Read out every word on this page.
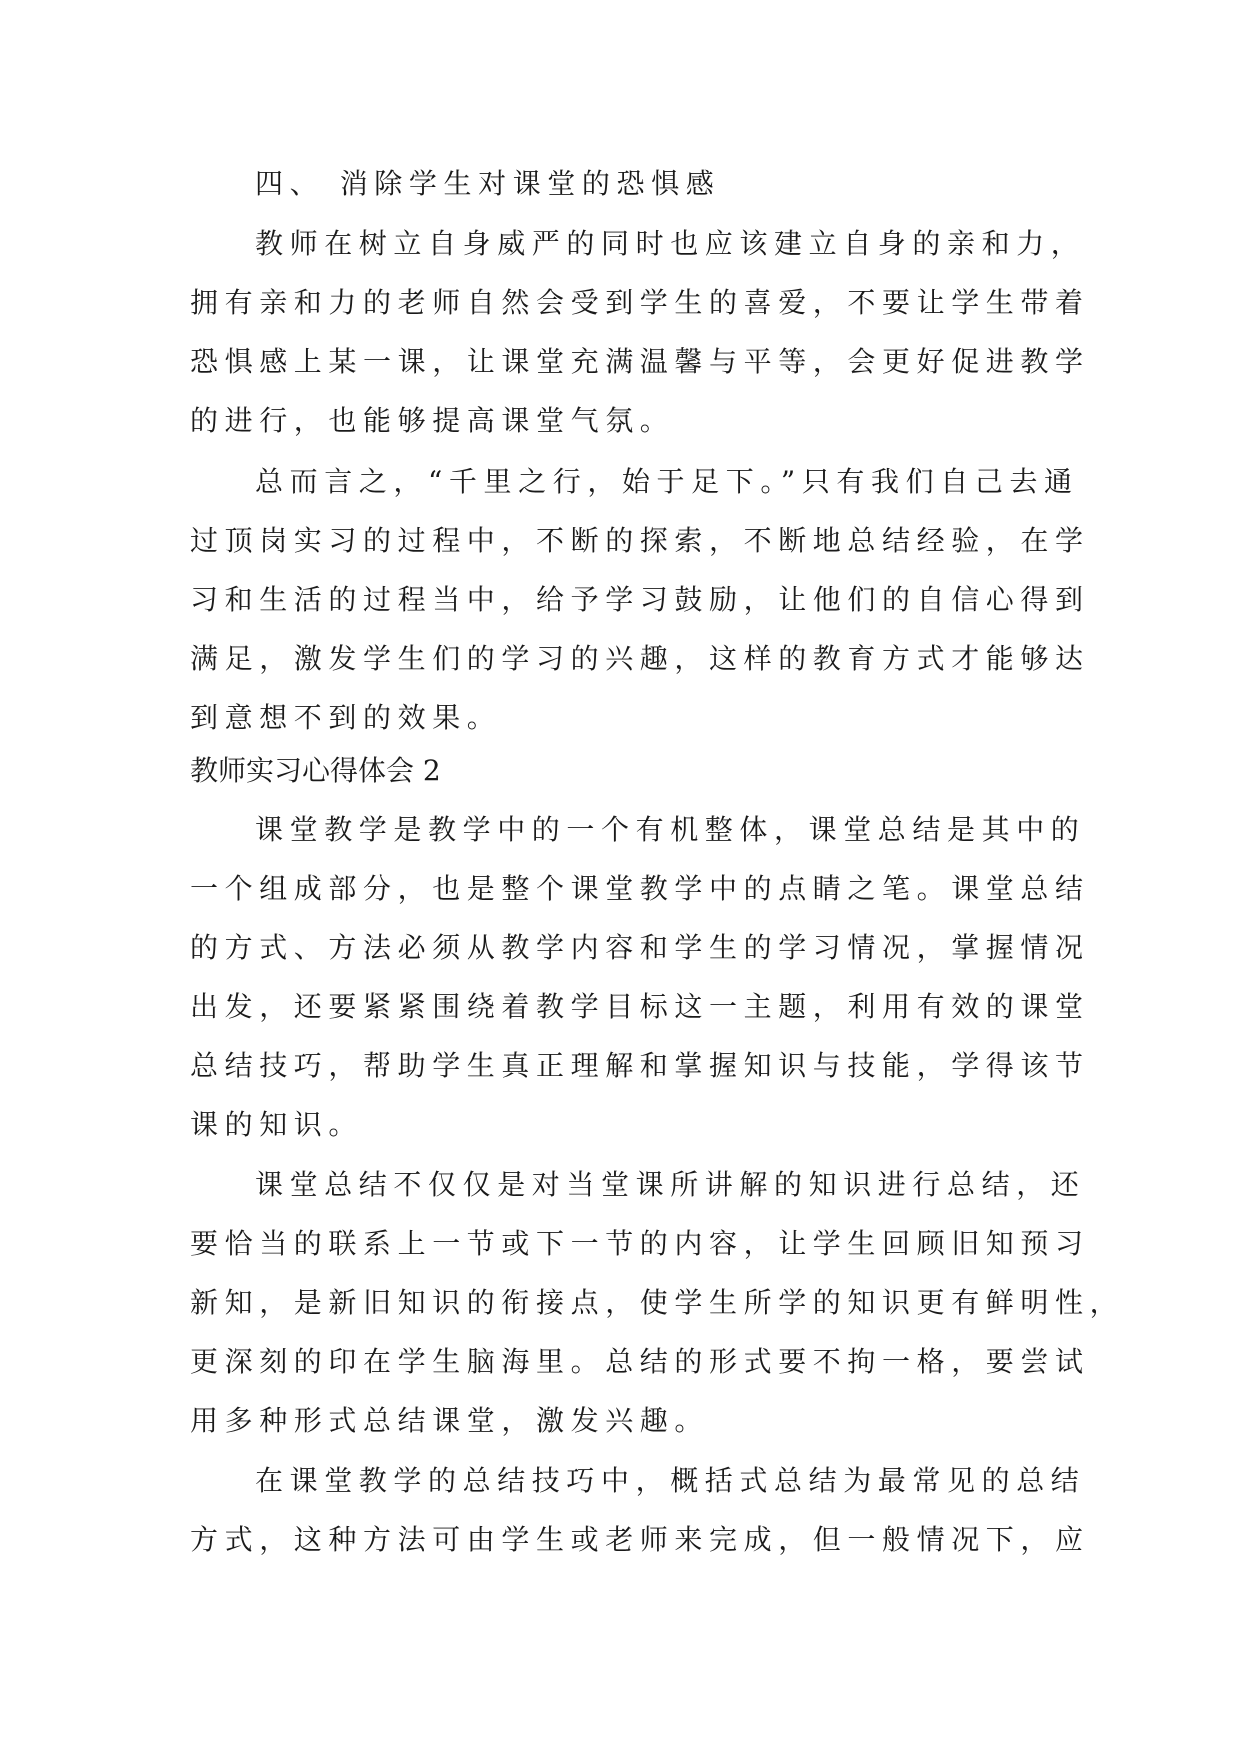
四、 消除学生对课堂的恐惧感
教师在树立自身威严的同时也应该建立自身的亲和力，
拥有亲和力的老师自然会受到学生的喜爱，不要让学生带着
恐惧感上某一课，让课堂充满温馨与平等，会更好促进教学
的进行，也能够提高课堂气氛。
总而言之，“千里之行，始于足下。”只有我们自己去通
过顶岗实习的过程中，不断的探索，不断地总结经验，在学
习和生活的过程当中，给予学习鼓励，让他们的自信心得到
满足，激发学生们的学习的兴趣，这样的教育方式才能够达
到意想不到的效果。
教师实习心得体会 2
课堂教学是教学中的一个有机整体，课堂总结是其中的
一个组成部分，也是整个课堂教学中的点睛之笔。课堂总结
的方式、方法必须从教学内容和学生的学习情况，掌握情况
出发，还要紧紧围绕着教学目标这一主题，利用有效的课堂
总结技巧，帮助学生真正理解和掌握知识与技能，学得该节
课的知识。
课堂总结不仅仅是对当堂课所讲解的知识进行总结，还
要恰当的联系上一节或下一节的内容，让学生回顾旧知预习
新知，是新旧知识的衔接点，使学生所学的知识更有鲜明性，
更深刻的印在学生脑海里。总结的形式要不拘一格，要尝试
用多种形式总结课堂，激发兴趣。
在课堂教学的总结技巧中，概括式总结为最常见的总结
方式，这种方法可由学生或老师来完成，但一般情况下，应
